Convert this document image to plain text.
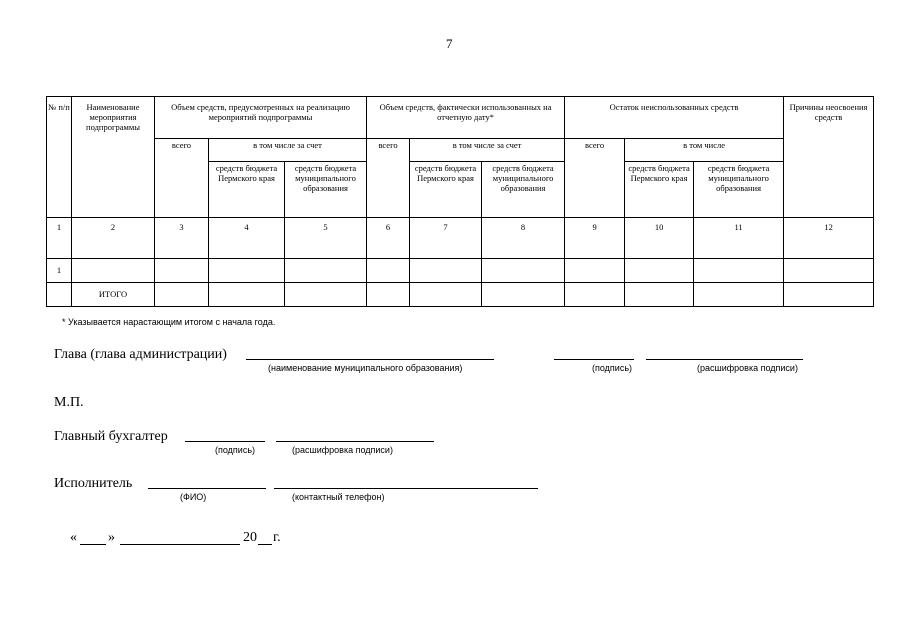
7
№ п/п	Наименование мероприятия подпрограммы	Объем средств, предусмотренных на реализацию мероприятий подпрограммы			Объем средств, фактически использованных на отчетную дату*			Остаток неиспользованных средств			Причины неосвоения средств
		всего	в том числе за счет		всего	в том числе за счет		всего	в том числе		
			средств бюджета Пермского края	средств бюджета муниципального образования		средств бюджета Пермского края	средств бюджета муниципального образования		средств бюджета Пермского края	средств бюджета муниципального образования	
1	2	3	4	5	6	7	8	9	10	11	12
1											
	ИТОГО										
* Указывается нарастающим итогом с начала года.
Глава (глава администрации)
(наименование муниципального образования)	(подпись)	(расшифровка подписи)
М.П.
Главный бухгалтер
(подпись)	(расшифровка подписи)
Исполнитель
(ФИО)	(контактный телефон)
« »	20 г.
